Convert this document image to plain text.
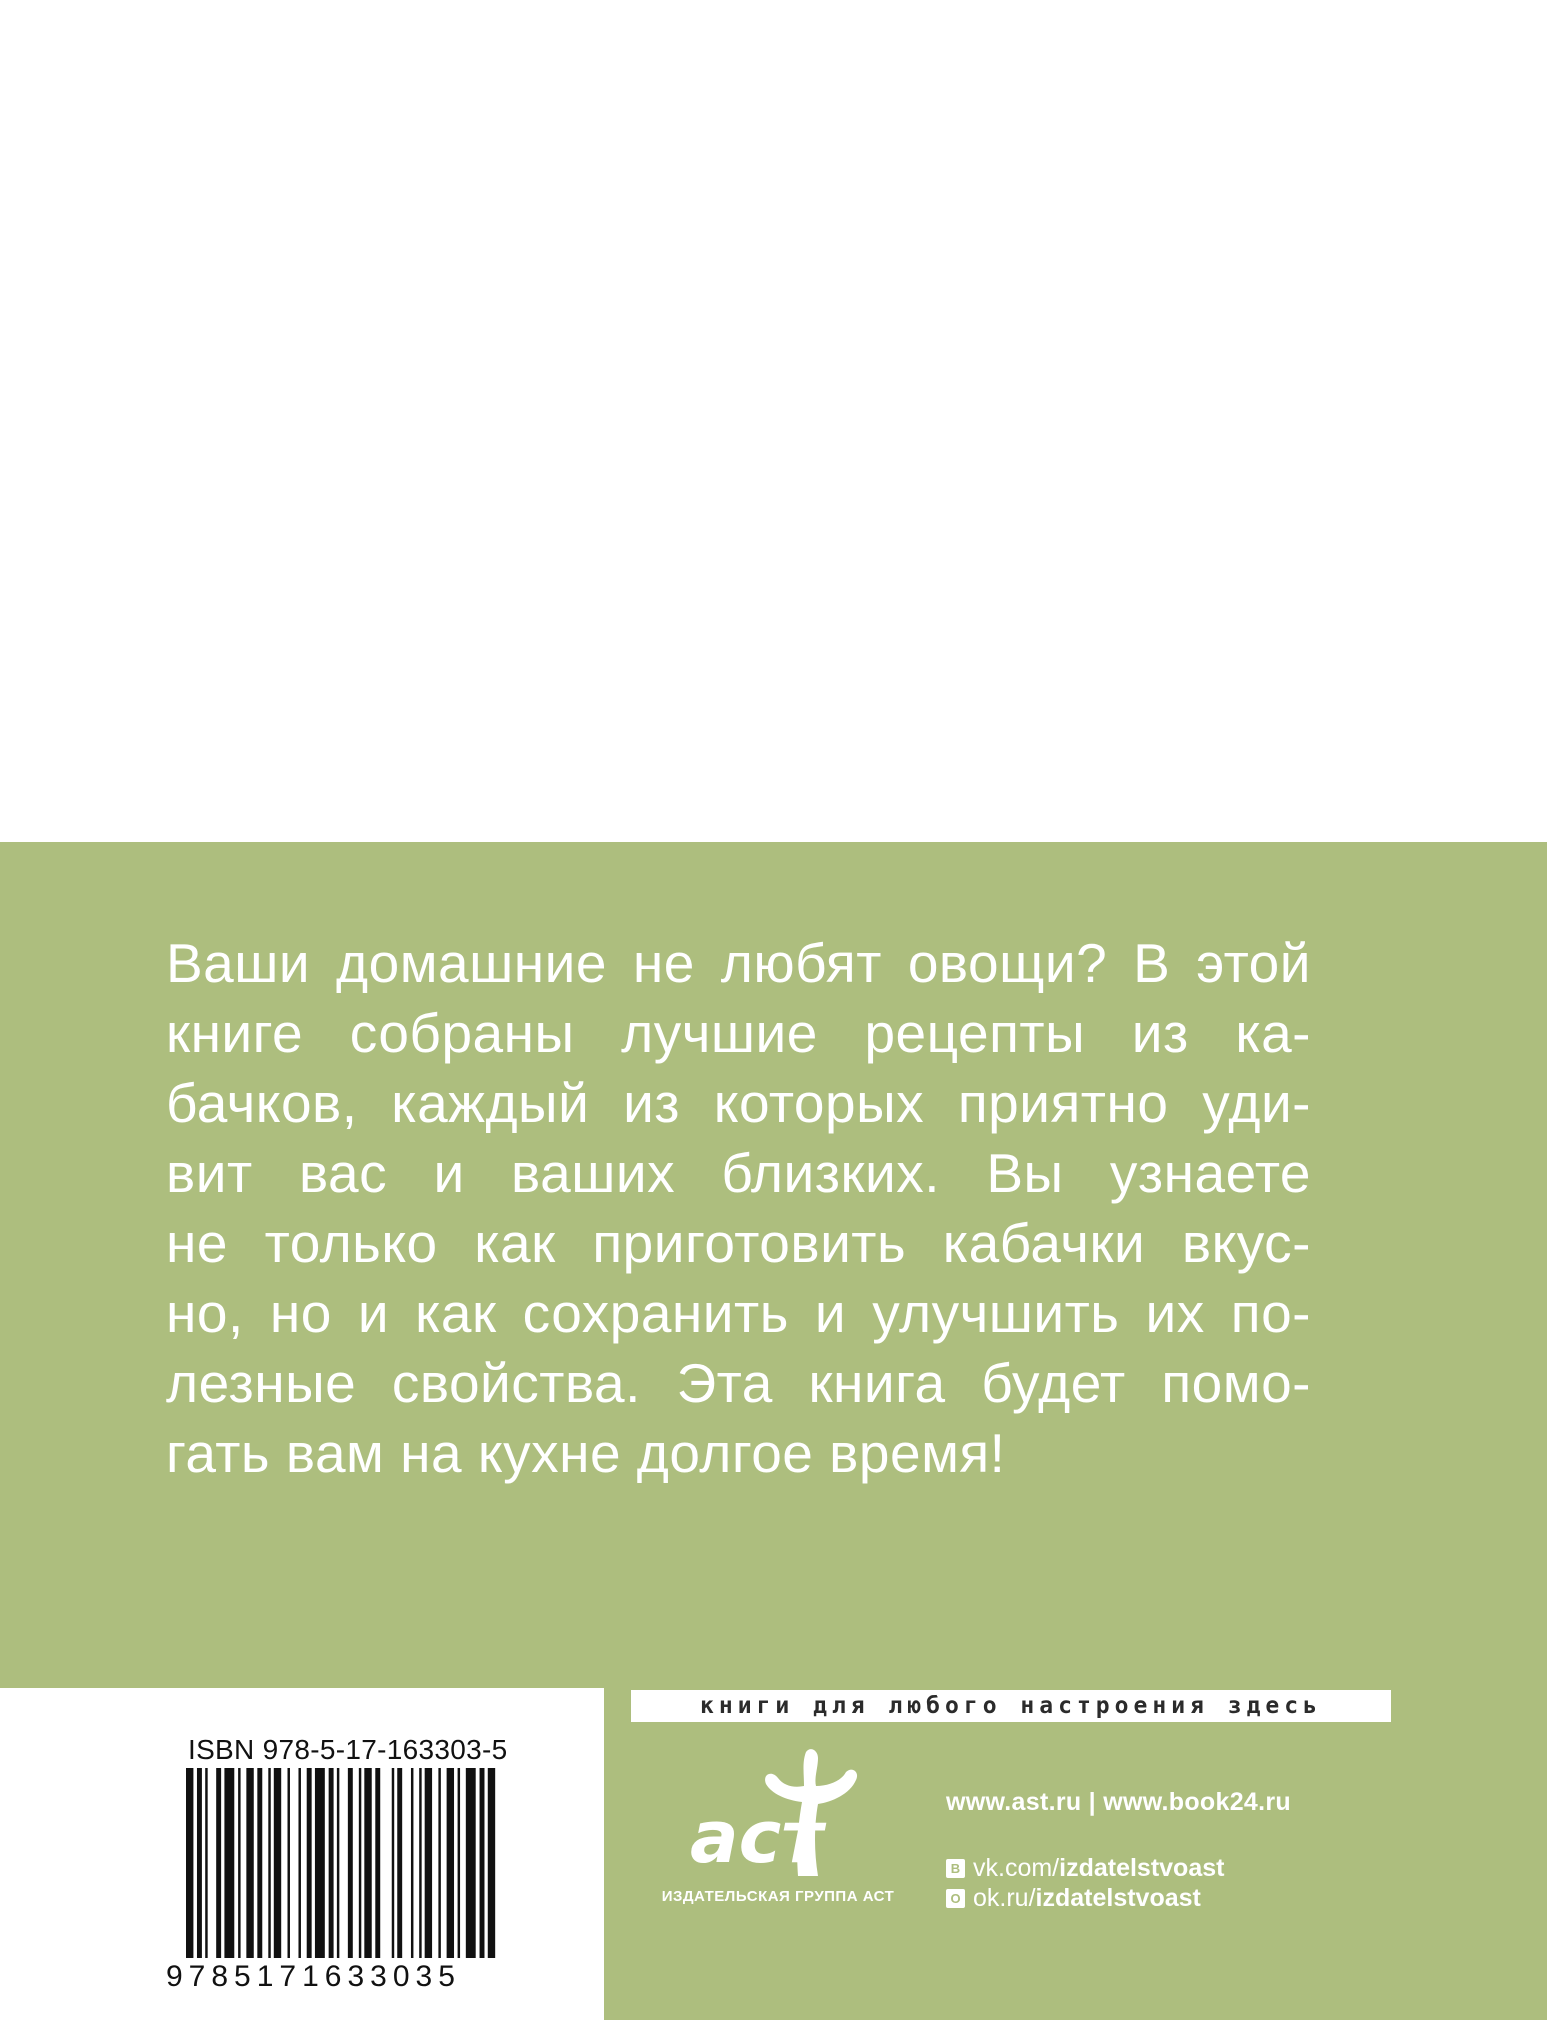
Ваши домашние не любят овощи? В этой
книге собраны лучшие рецепты из ка-
бачков, каждый из которых приятно уди-
вит вас и ваших близких. Вы узнаете
не только как приготовить кабачки вкус-
но, но и как сохранить и улучшить их по-
лезные свойства. Эта книга будет помо-
гать вам на кухне долгое время!
ISBN 978-5-17-163303-5
9785171633035
книги для любого настроения здесь
аст
ИЗДАТЕЛЬСКАЯ ГРУППА АСТ
www.ast.ru | www.book24.ru
В vk.com/ izdatelstvoast
О ok.ru/ izdatelstvoast
